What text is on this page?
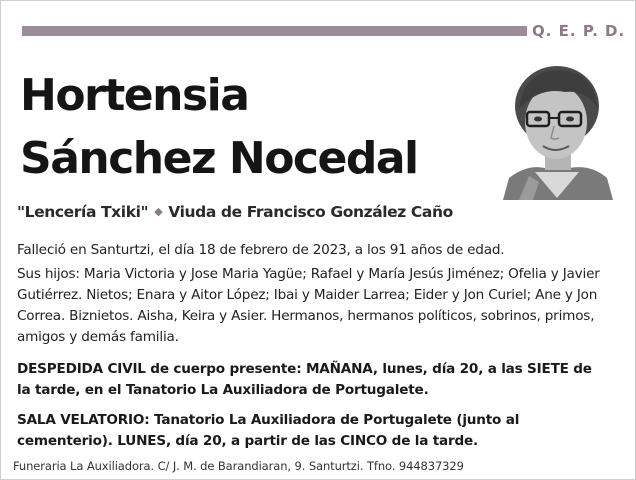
Q. E. P. D.
Hortensia
Sánchez Nocedal
"Lencería Txiki" ◆ Viuda de Francisco González Caño
Falleció en Santurtzi, el día 18 de febrero de 2023, a los 91 años de edad.
Sus hijos: Maria Victoria y Jose Maria Yagüe; Rafael y María Jesús Jiménez; Ofelia y Javier Gutiérrez. Nietos; Enara y Aitor López; Ibai y Maider Larrea; Eider y Jon Curiel; Ane y Jon Correa. Biznietos. Aisha, Keira y Asier. Hermanos, hermanos políticos, sobrinos, primos, amigos y demás familia.
DESPEDIDA CIVIL de cuerpo presente: MAÑANA, lunes, día 20, a las SIETE de la tarde, en el Tanatorio La Auxiliadora de Portugalete.
SALA VELATORIO: Tanatorio La Auxiliadora de Portugalete (junto al cementerio). LUNES, día 20, a partir de las CINCO de la tarde.
Funeraria La Auxiliadora. C/ J. M. de Barandiaran, 9. Santurtzi. Tfno. 944837329
